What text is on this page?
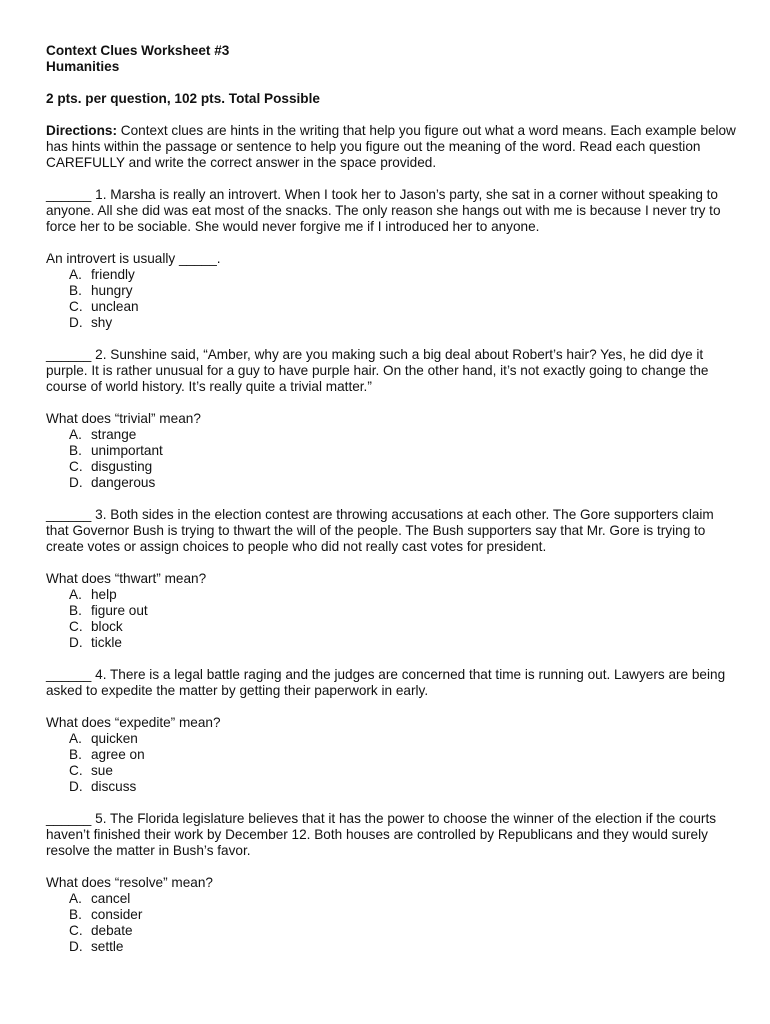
Context Clues Worksheet #3
Humanities
2 pts. per question, 102 pts. Total Possible
Directions: Context clues are hints in the writing that help you figure out what a word means. Each example below has hints within the passage or sentence to help you figure out the meaning of the word. Read each question CAREFULLY and write the correct answer in the space provided.
______ 1. Marsha is really an introvert. When I took her to Jason’s party, she sat in a corner without speaking to anyone. All she did was eat most of the snacks. The only reason she hangs out with me is because I never try to force her to be sociable. She would never forgive me if I introduced her to anyone.
An introvert is usually _____.
A. friendly
B. hungry
C. unclean
D. shy
______ 2. Sunshine said, “Amber, why are you making such a big deal about Robert’s hair? Yes, he did dye it purple. It is rather unusual for a guy to have purple hair. On the other hand, it’s not exactly going to change the course of world history. It’s really quite a trivial matter.”
What does “trivial” mean?
A. strange
B. unimportant
C. disgusting
D. dangerous
______ 3. Both sides in the election contest are throwing accusations at each other. The Gore supporters claim that Governor Bush is trying to thwart the will of the people. The Bush supporters say that Mr. Gore is trying to create votes or assign choices to people who did not really cast votes for president.
What does “thwart” mean?
A. help
B. figure out
C. block
D. tickle
______ 4. There is a legal battle raging and the judges are concerned that time is running out. Lawyers are being asked to expedite the matter by getting their paperwork in early.
What does “expedite” mean?
A. quicken
B. agree on
C. sue
D. discuss
______ 5. The Florida legislature believes that it has the power to choose the winner of the election if the courts haven’t finished their work by December 12. Both houses are controlled by Republicans and they would surely resolve the matter in Bush’s favor.
What does “resolve” mean?
A. cancel
B. consider
C. debate
D. settle
